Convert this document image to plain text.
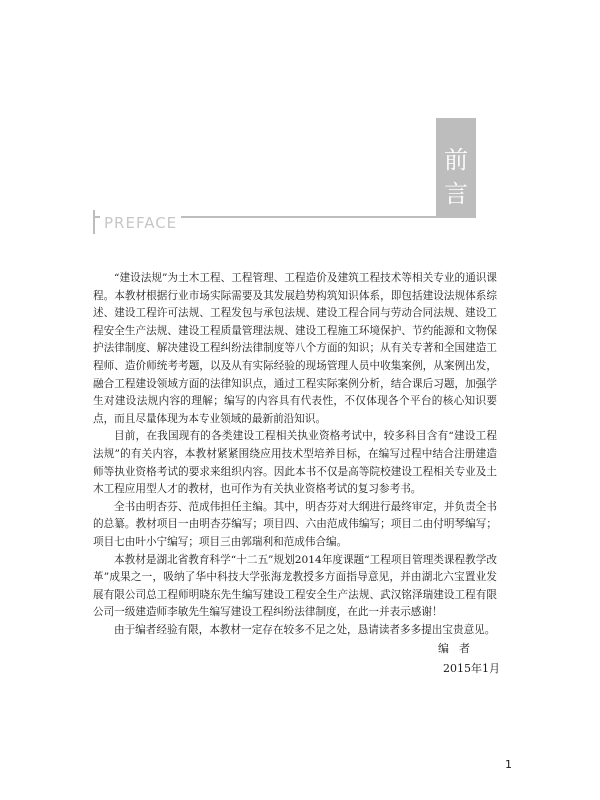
前
言
PREFACE

“建设法规”为土木工程、工程管理、工程造价及建筑工程技术等相关专业的通识课程。本教材根据行业市场实际需要及其发展趋势构筑知识体系，即包括建设法规体系综述、建设工程许可法规、工程发包与承包法规、建设工程合同与劳动合同法规、建设工程安全生产法规、建设工程质量管理法规、建设工程施工环境保护、节约能源和文物保护法律制度、解决建设工程纠纷法律制度等八个方面的知识；从有关专著和全国建造工程师、造价师统考考题，以及从有实际经验的现场管理人员中收集案例，从案例出发，融合工程建设领域方面的法律知识点，通过工程实际案例分析，结合课后习题，加强学生对建设法规内容的理解；编写的内容具有代表性，不仅体现各个平台的核心知识要点，而且尽量体现为本专业领域的最新前沿知识。

目前，在我国现有的各类建设工程相关执业资格考试中，较多科目含有“建设工程法规”的有关内容，本教材紧紧围绕应用技术型培养目标，在编写过程中结合注册建造师等执业资格考试的要求来组织内容。因此本书不仅是高等院校建设工程相关专业及土木工程应用型人才的教材，也可作为有关执业资格考试的复习参考书。

全书由明杏芬、范成伟担任主编。其中，明杏芬对大纲进行最终审定，并负责全书的总纂。教材项目一由明杏芬编写；项目四、六由范成伟编写；项目二由付明琴编写；项目七由叶小宁编写；项目三由郭瑞利和范成伟合编。

本教材是湖北省教育科学“十二五”规划2014年度课题“工程项目管理类课程教学改革”成果之一，吸纳了华中科技大学张海龙教授多方面指导意见，并由湖北六宝置业发展有限公司总工程师明晓东先生编写建设工程安全生产法规、武汉铭泽瑞建设工程有限公司一级建造师李敏先生编写建设工程纠纷法律制度，在此一并表示感谢！

由于编者经验有限，本教材一定存在较多不足之处，恳请读者多多提出宝贵意见。

编者
2015年1月
1
